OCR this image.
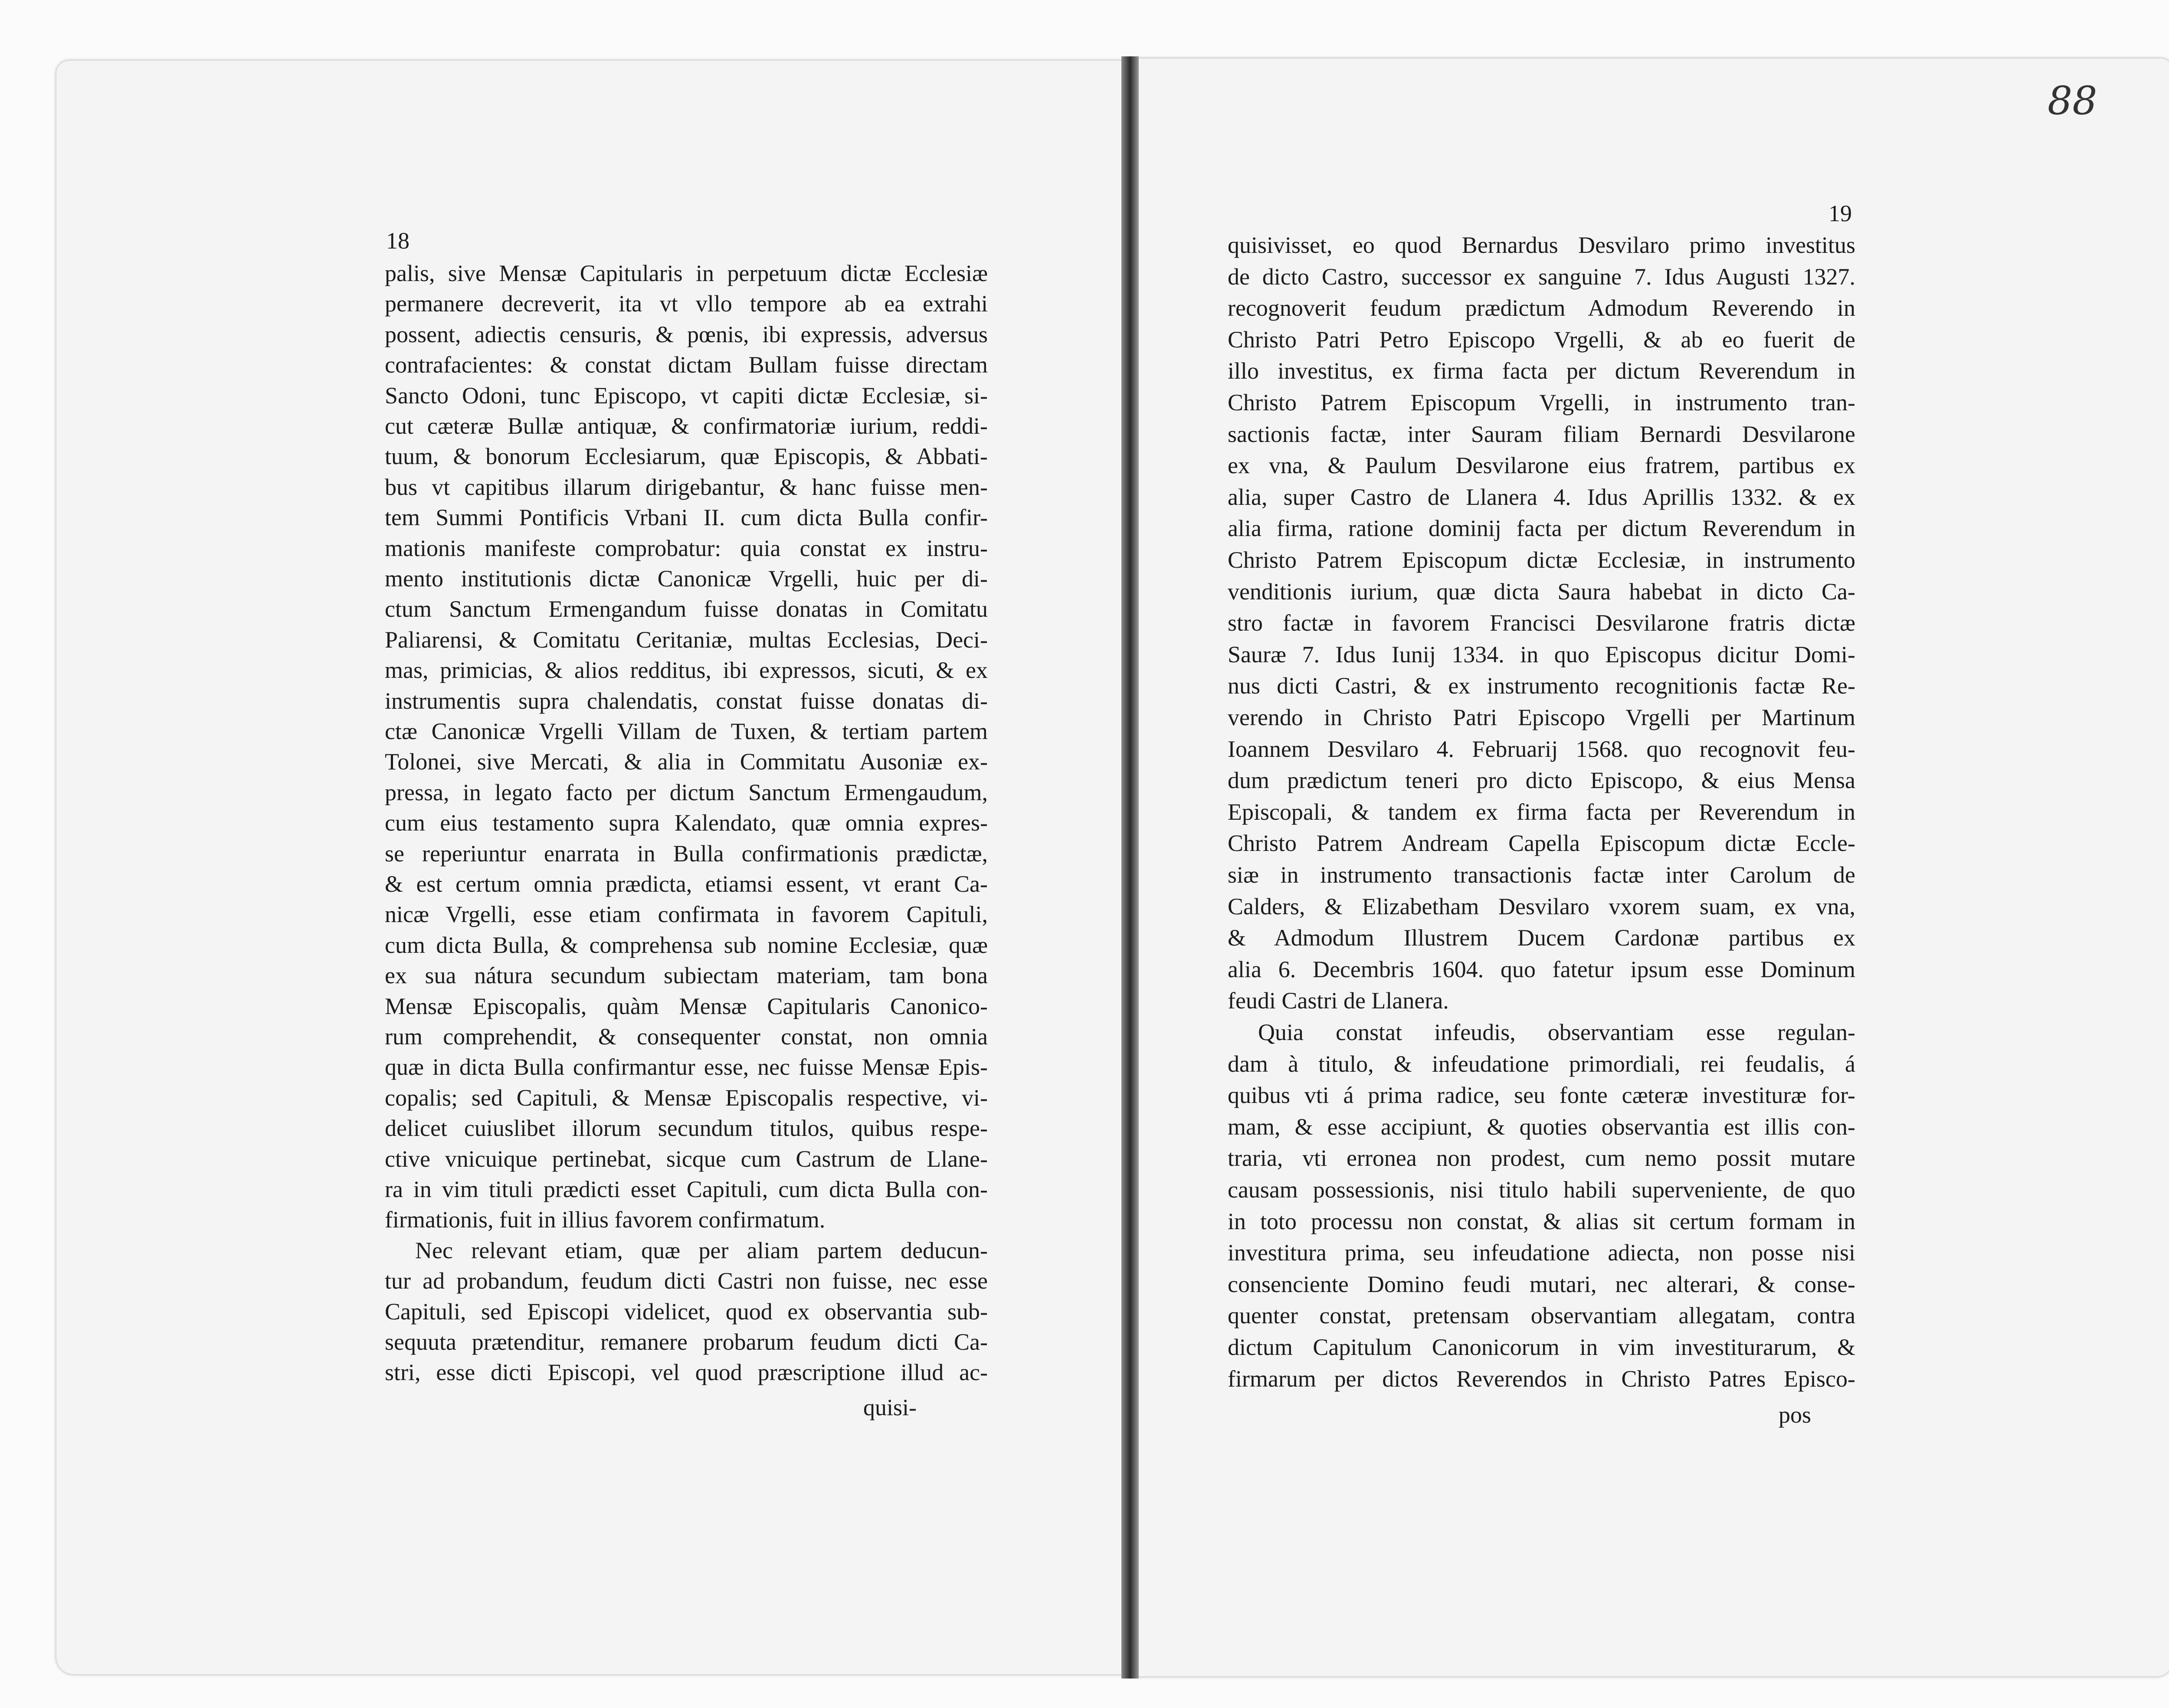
88
18
palis, sive Mensæ Capitularis in perpetuum dictæ Ecclesiæ
permanere decreverit, ita vt vllo tempore ab ea extrahi
possent, adiectis censuris, & pœnis, ibi expressis, adversus
contrafacientes: & constat dictam Bullam fuisse directam
Sancto Odoni, tunc Episcopo, vt capiti dictæ Ecclesiæ, si-
cut cæteræ Bullæ antiquæ, & confirmatoriæ iurium, reddi-
tuum, & bonorum Ecclesiarum, quæ Episcopis, & Abbati-
bus vt capitibus illarum dirigebantur, & hanc fuisse men-
tem Summi Pontificis Vrbani II. cum dicta Bulla confir-
mationis manifeste comprobatur: quia constat ex instru-
mento institutionis dictæ Canonicæ Vrgelli, huic per di-
ctum Sanctum Ermengandum fuisse donatas in Comitatu
Paliarensi, & Comitatu Ceritaniæ, multas Ecclesias, Deci-
mas, primicias, & alios redditus, ibi expressos, sicuti, & ex
instrumentis supra chalendatis, constat fuisse donatas di-
ctæ Canonicæ Vrgelli Villam de Tuxen, & tertiam partem
Tolonei, sive Mercati, & alia in Commitatu Ausoniæ ex-
pressa, in legato facto per dictum Sanctum Ermengaudum,
cum eius testamento supra Kalendato, quæ omnia expres-
se reperiuntur enarrata in Bulla confirmationis prædictæ,
& est certum omnia prædicta, etiamsi essent, vt erant Ca-
nicæ Vrgelli, esse etiam confirmata in favorem Capituli,
cum dicta Bulla, & comprehensa sub nomine Ecclesiæ, quæ
ex sua nátura secundum subiectam materiam, tam bona
Mensæ Episcopalis, quàm Mensæ Capitularis Canonico-
rum comprehendit, & consequenter constat, non omnia
quæ in dicta Bulla confirmantur esse, nec fuisse Mensæ Epis-
copalis; sed Capituli, & Mensæ Episcopalis respective, vi-
delicet cuiuslibet illorum secundum titulos, quibus respe-
ctive vnicuique pertinebat, sicque cum Castrum de Llane-
ra in vim tituli prædicti esset Capituli, cum dicta Bulla con-
firmationis, fuit in illius favorem confirmatum.
Nec relevant etiam, quæ per aliam partem deducun-
tur ad probandum, feudum dicti Castri non fuisse, nec esse
Capituli, sed Episcopi videlicet, quod ex observantia sub-
sequuta prætenditur, remanere probarum feudum dicti Ca-
stri, esse dicti Episcopi, vel quod præscriptione illud ac-
quisi-
19
quisivisset, eo quod Bernardus Desvilaro primo investitus
de dicto Castro, successor ex sanguine 7. Idus Augusti 1327.
recognoverit feudum prædictum Admodum Reverendo in
Christo Patri Petro Episcopo Vrgelli, & ab eo fuerit de
illo investitus, ex firma facta per dictum Reverendum in
Christo Patrem Episcopum Vrgelli, in instrumento tran-
sactionis factæ, inter Sauram filiam Bernardi Desvilarone
ex vna, & Paulum Desvilarone eius fratrem, partibus ex
alia, super Castro de Llanera 4. Idus Aprillis 1332. & ex
alia firma, ratione dominij facta per dictum Reverendum in
Christo Patrem Episcopum dictæ Ecclesiæ, in instrumento
venditionis iurium, quæ dicta Saura habebat in dicto Ca-
stro factæ in favorem Francisci Desvilarone fratris dictæ
Sauræ 7. Idus Iunij 1334. in quo Episcopus dicitur Domi-
nus dicti Castri, & ex instrumento recognitionis factæ Re-
verendo in Christo Patri Episcopo Vrgelli per Martinum
Ioannem Desvilaro 4. Februarij 1568. quo recognovit feu-
dum prædictum teneri pro dicto Episcopo, & eius Mensa
Episcopali, & tandem ex firma facta per Reverendum in
Christo Patrem Andream Capella Episcopum dictæ Eccle-
siæ in instrumento transactionis factæ inter Carolum de
Calders, & Elizabetham Desvilaro vxorem suam, ex vna,
& Admodum Illustrem Ducem Cardonæ partibus ex
alia 6. Decembris 1604. quo fatetur ipsum esse Dominum
feudi Castri de Llanera.
Quia constat infeudis, observantiam esse regulan-
dam à titulo, & infeudatione primordiali, rei feudalis, á
quibus vti á prima radice, seu fonte cæteræ investituræ for-
mam, & esse accipiunt, & quoties observantia est illis con-
traria, vti erronea non prodest, cum nemo possit mutare
causam possessionis, nisi titulo habili superveniente, de quo
in toto processu non constat, & alias sit certum formam in
investitura prima, seu infeudatione adiecta, non posse nisi
consenciente Domino feudi mutari, nec alterari, & conse-
quenter constat, pretensam observantiam allegatam, contra
dictum Capitulum Canonicorum in vim investiturarum, &
firmarum per dictos Reverendos in Christo Patres Episco-
pos
